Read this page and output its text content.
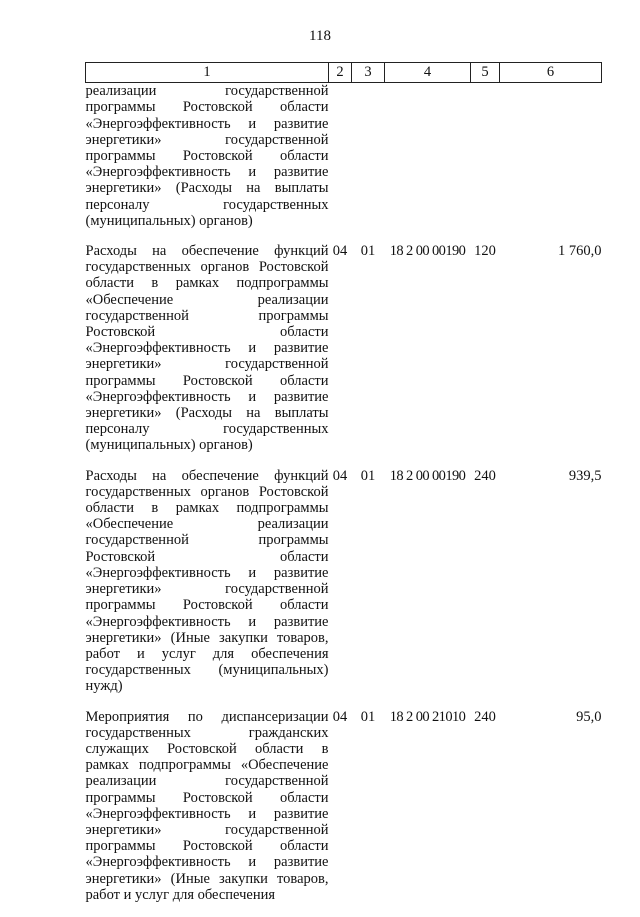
118
1	2	3	4	5	6
реализации государственной программы Ростовской области «Энергоэффективность и развитие энергетики» государственной программы Ростовской области «Энергоэффективность и развитие энергетики» (Расходы на выплаты персоналу государственных (муниципальных) органов)					
Расходы на обеспечение функций государственных органов Ростовской области в рамках подпрограммы «Обеспечение реализации государственной программы Ростовской области «Энергоэффективность и развитие энергетики» государственной программы Ростовской области «Энергоэффективность и развитие энергетики» (Расходы на выплаты персоналу государственных (муниципальных) органов)	04	01	18 2 00 00190	120	1 760,0
Расходы на обеспечение функций государственных органов Ростовской области в рамках подпрограммы «Обеспечение реализации государственной программы Ростовской области «Энергоэффективность и развитие энергетики» государственной программы Ростовской области «Энергоэффективность и развитие энергетики» (Иные закупки товаров, работ и услуг для обеспечения государственных (муниципальных) нужд)	04	01	18 2 00 00190	240	939,5
Мероприятия по диспансеризации государственных гражданских служащих Ростовской области в рамках подпрограммы «Обеспечение реализации государственной программы Ростовской области «Энергоэффективность и развитие энергетики» государственной программы Ростовской области «Энергоэффективность и развитие энергетики» (Иные закупки товаров, работ и услуг для обеспечения	04	01	18 2 00 21010	240	95,0
